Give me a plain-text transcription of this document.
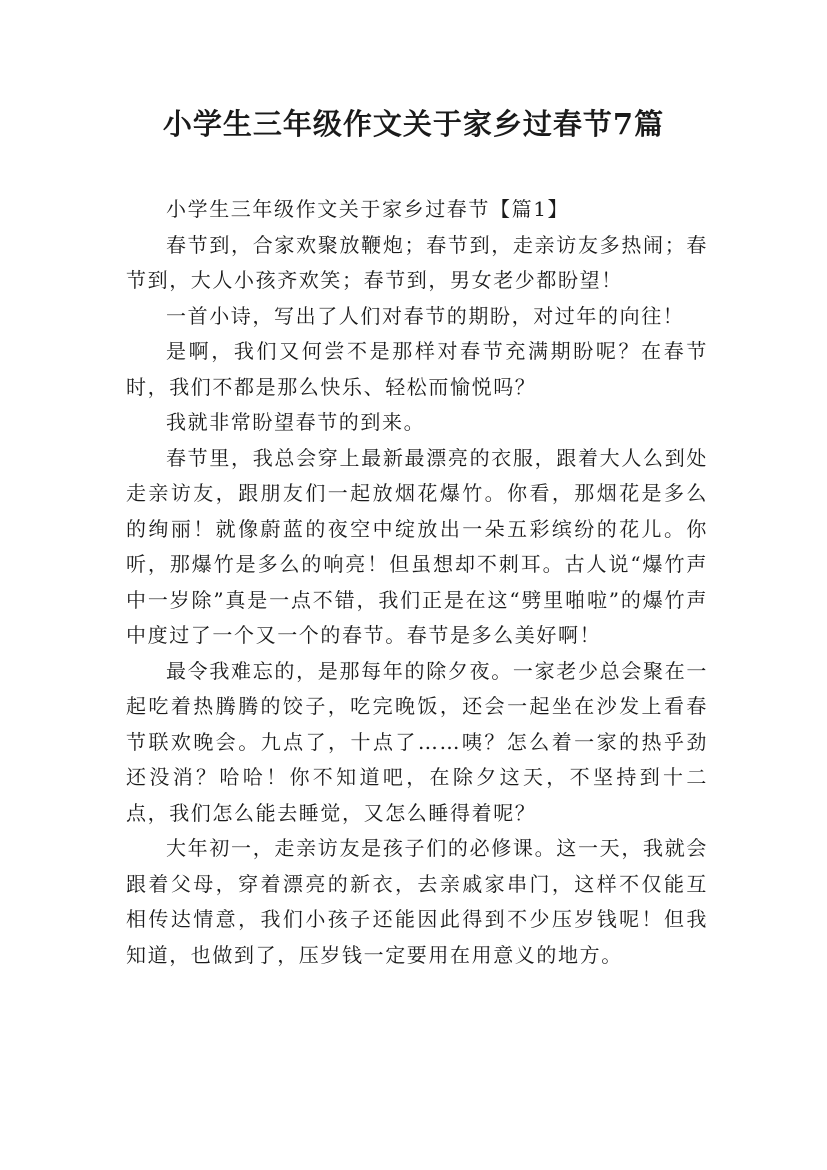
小学生三年级作文关于家乡过春节7篇

小学生三年级作文关于家乡过春节【篇1】

春节到，合家欢聚放鞭炮；春节到，走亲访友多热闹；春节到，大人小孩齐欢笑；春节到，男女老少都盼望！

一首小诗，写出了人们对春节的期盼，对过年的向往！

是啊，我们又何尝不是那样对春节充满期盼呢？在春节时，我们不都是那么快乐、轻松而愉悦吗？

我就非常盼望春节的到来。

春节里，我总会穿上最新最漂亮的衣服，跟着大人么到处走亲访友，跟朋友们一起放烟花爆竹。你看，那烟花是多么的绚丽！就像蔚蓝的夜空中绽放出一朵五彩缤纷的花儿。你听，那爆竹是多么的响亮！但虽想却不刺耳。古人说“爆竹声中一岁除”真是一点不错，我们正是在这“劈里啪啦”的爆竹声中度过了一个又一个的春节。春节是多么美好啊！

最令我难忘的，是那每年的除夕夜。一家老少总会聚在一起吃着热腾腾的饺子，吃完晚饭，还会一起坐在沙发上看春节联欢晚会。九点了，十点了……咦？怎么着一家的热乎劲还没消？哈哈！你不知道吧，在除夕这天，不坚持到十二点，我们怎么能去睡觉，又怎么睡得着呢？

大年初一，走亲访友是孩子们的必修课。这一天，我就会跟着父母，穿着漂亮的新衣，去亲戚家串门，这样不仅能互相传达情意，我们小孩子还能因此得到不少压岁钱呢！但我知道，也做到了，压岁钱一定要用在用意义的地方。
